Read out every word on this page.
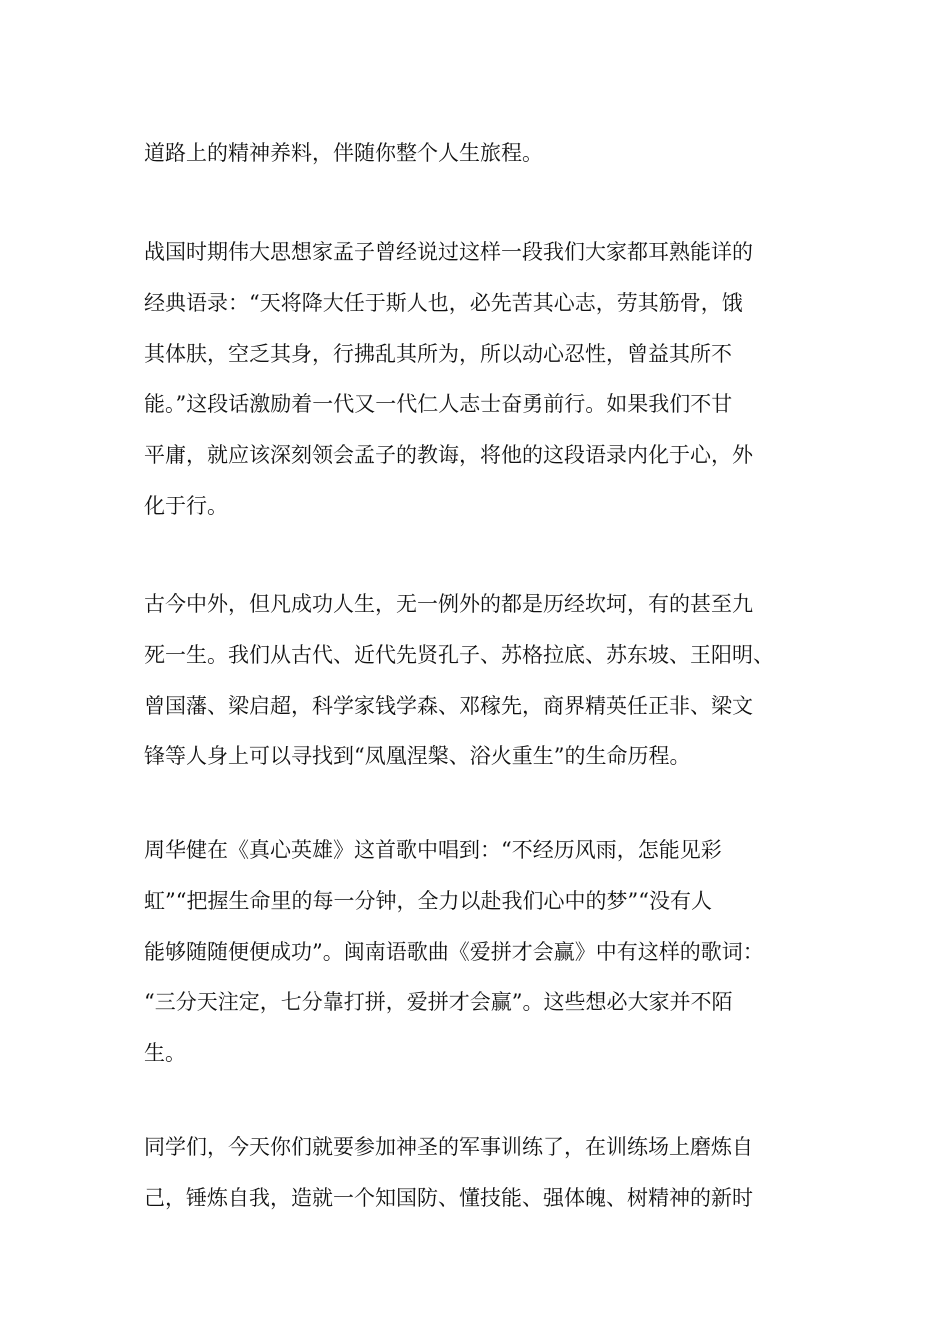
道路上的精神养料，伴随你整个人生旅程。
战国时期伟大思想家孟子曾经说过这样一段我们大家都耳熟能详的
经典语录：“天将降大任于斯人也，必先苦其心志，劳其筋骨，饿
其体肤，空乏其身，行拂乱其所为，所以动心忍性，曾益其所不
能。”这段话激励着一代又一代仁人志士奋勇前行。如果我们不甘
平庸，就应该深刻领会孟子的教诲，将他的这段语录内化于心，外
化于行。
古今中外，但凡成功人生，无一例外的都是历经坎坷，有的甚至九
死一生。我们从古代、近代先贤孔子、苏格拉底、苏东坡、王阳明、
曾国藩、梁启超，科学家钱学森、邓稼先，商界精英任正非、梁文
锋等人身上可以寻找到“凤凰涅槃、浴火重生”的生命历程。
周华健在《真心英雄》这首歌中唱到：“不经历风雨，怎能见彩
虹”“把握生命里的每一分钟，全力以赴我们心中的梦”“没有人
能够随随便便成功”。闽南语歌曲《爱拼才会赢》中有这样的歌词：
“三分天注定，七分靠打拼，爱拼才会赢”。这些想必大家并不陌
生。
同学们，今天你们就要参加神圣的军事训练了，在训练场上磨炼自
己，锤炼自我，造就一个知国防、懂技能、强体魄、树精神的新时
